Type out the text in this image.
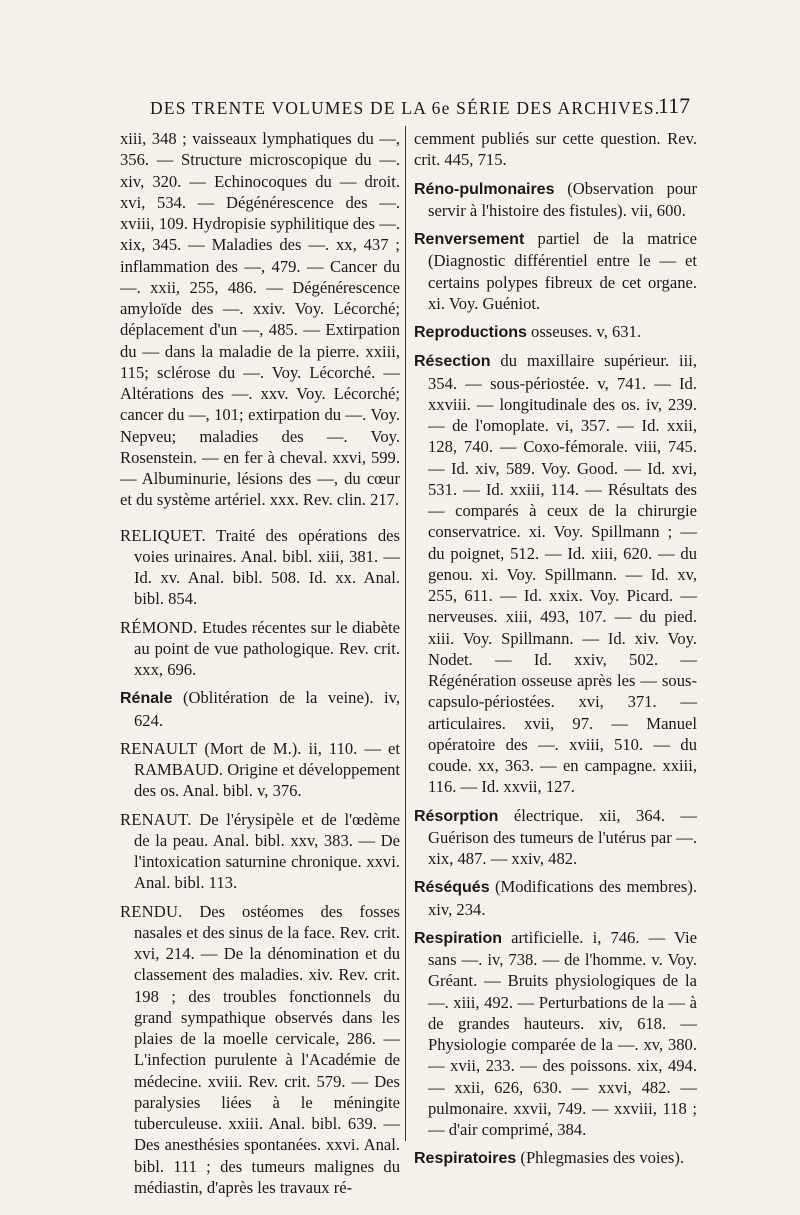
DES TRENTE VOLUMES DE LA 6e SÉRIE DES ARCHIVES.
117

xiii, 348 ; vaisseaux lymphatiques du —, 356. — Structure microscopique du —. xiv, 320. — Echinocoques du — droit. xvi, 534. — Dégénérescence des —. xviii, 109. Hydropisie syphilitique des —. xix, 345. — Maladies des —. xx, 437 ; inflammation des —, 479. — Cancer du —. xxii, 255, 486. — Dégénérescence amyloïde des —. xxiv. Voy. Lécorché; déplacement d'un —, 485. — Extirpation du — dans la maladie de la pierre. xxiii, 115; sclérose du —. Voy. Lécorché. — Altérations des —. xxv. Voy. Lécorché; cancer du —, 101; extirpation du —. Voy. Nepveu; maladies des —. Voy. Rosenstein. — en fer à cheval. xxvi, 599. — Albuminurie, lésions des —, du cœur et du système artériel. xxx. Rev. clin. 217.

RELIQUET. Traité des opérations des voies urinaires. Anal. bibl. xiii, 381. — Id. xv. Anal. bibl. 508. Id. xx. Anal. bibl. 854.

RÉMOND. Etudes récentes sur le diabète au point de vue pathologique. Rev. crit. xxx, 696.

Rénale (Oblitération de la veine). iv, 624.

RENAULT (Mort de M.). ii, 110. — et RAMBAUD. Origine et développement des os. Anal. bibl. v, 376.

RENAUT. De l'érysipèle et de l'œdème de la peau. Anal. bibl. xxv, 383. — De l'intoxication saturnine chronique. xxvi. Anal. bibl. 113.

RENDU. Des ostéomes des fosses nasales et des sinus de la face. Rev. crit. xvi, 214. — De la dénomination et du classement des maladies. xiv. Rev. crit. 198 ; des troubles fonctionnels du grand sympathique observés dans les plaies de la moelle cervicale, 286. — L'infection purulente à l'Académie de médecine. xviii. Rev. crit. 579. — Des paralysies liées à le méningite tuberculeuse. xxiii. Anal. bibl. 639. — Des anesthésies spontanées. xxvi. Anal. bibl. 111 ; des tumeurs malignes du médiastin, d'après les travaux ré-

cemment publiés sur cette question. Rev. crit. 445, 715.

Réno-pulmonaires (Observation pour servir à l'histoire des fistules). vii, 600.

Renversement partiel de la matrice (Diagnostic différentiel entre le — et certains polypes fibreux de cet organe. xi. Voy. Guéniot.

Reproductions osseuses. v, 631.

Résection du maxillaire supérieur. iii, 354. — sous-périostée. v, 741. — Id. xxviii. — longitudinale des os. iv, 239. — de l'omoplate. vi, 357. — Id. xxii, 128, 740. — Coxo-fémorale. viii, 745. — Id. xiv, 589. Voy. Good. — Id. xvi, 531. — Id. xxiii, 114. — Résultats des — comparés à ceux de la chirurgie conservatrice. xi. Voy. Spillmann ; — du poignet, 512. — Id. xiii, 620. — du genou. xi. Voy. Spillmann. — Id. xv, 255, 611. — Id. xxix. Voy. Picard. — nerveuses. xiii, 493, 107. — du pied. xiii. Voy. Spillmann. — Id. xiv. Voy. Nodet. — Id. xxiv, 502. — Régénération osseuse après les — sous-capsulo-périostées. xvi, 371. — articulaires. xvii, 97. — Manuel opératoire des —. xviii, 510. — du coude. xx, 363. — en campagne. xxiii, 116. — Id. xxvii, 127.

Résorption électrique. xii, 364. — Guérison des tumeurs de l'utérus par —. xix, 487. — xxiv, 482.

Réséqués (Modifications des membres). xiv, 234.

Respiration artificielle. i, 746. — Vie sans —. iv, 738. — de l'homme. v. Voy. Gréant. — Bruits physiologiques de la —. xiii, 492. — Perturbations de la — à de grandes hauteurs. xiv, 618. — Physiologie comparée de la —. xv, 380. — xvii, 233. — des poissons. xix, 494. — xxii, 626, 630. — xxvi, 482. — pulmonaire. xxvii, 749. — xxviii, 118 ; — d'air comprimé, 384.

Respiratoires (Phlegmasies des voies).
